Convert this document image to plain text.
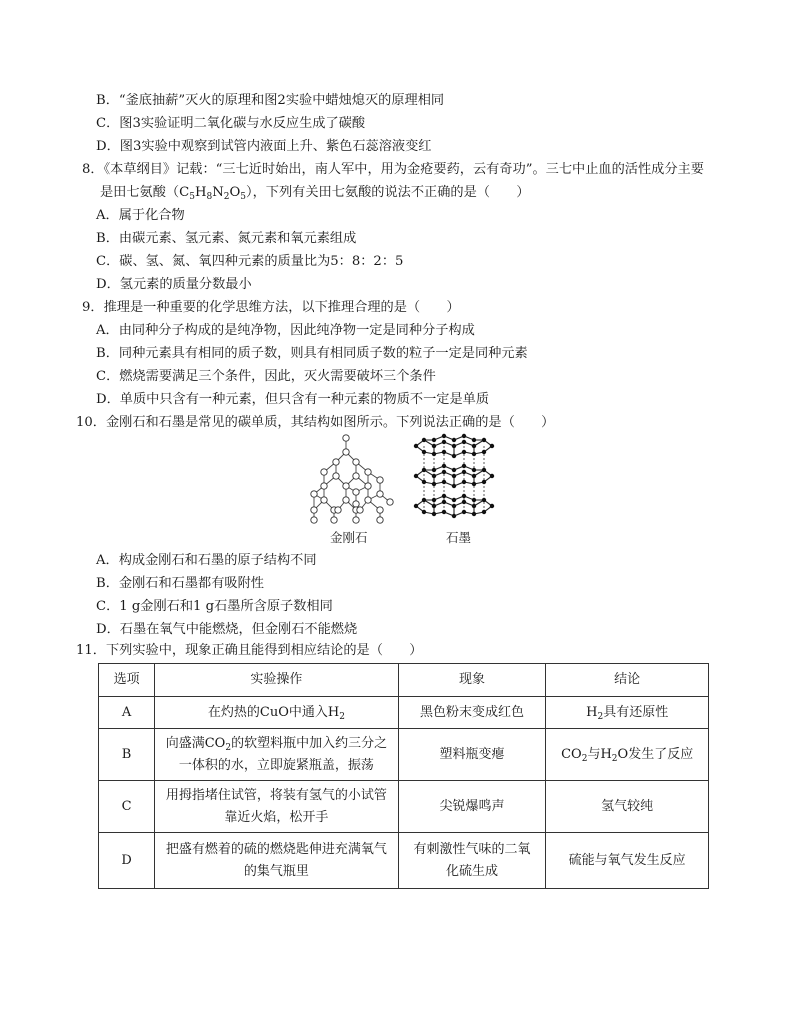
B．“釜底抽薪”灭火的原理和图2实验中蜡烛熄灭的原理相同
C．图3实验证明二氧化碳与水反应生成了碳酸
D．图3实验中观察到试管内液面上升、紫色石蕊溶液变红
8．《本草纲目》记载：“三七近时始出，南人军中，用为金疮要药，云有奇功”。三七中止血的活性成分主要
是田七氨酸$(C_5H_8N_2O_5)$，下列有关田七氨酸的说法不正确的是（　　）
A．属于化合物
B．由碳元素、氢元素、氮元素和氧元素组成
C．碳、氢、氮、氧四种元素的质量比为5：8：2：5
D．氢元素的质量分数最小
9．推理是一种重要的化学思维方法，以下推理合理的是（　　）
A．由同种分子构成的是纯净物，因此纯净物一定是同种分子构成
B．同种元素具有相同的质子数，则具有相同质子数的粒子一定是同种元素
C．燃烧需要满足三个条件，因此，灭火需要破坏三个条件
D．单质中只含有一种元素，但只含有一种元素的物质不一定是单质
10．金刚石和石墨是常见的碳单质，其结构如图所示。下列说法正确的是（　　）
金刚石	石墨
A．构成金刚石和石墨的原子结构不同
B．金刚石和石墨都有吸附性
C．1 g金刚石和1 g石墨所含原子数相同
D．石墨在氧气中能燃烧，但金刚石不能燃烧
11．下列实验中，现象正确且能得到相应结论的是（　　）
选项	实验操作	现象	结论
A	在灼热的CuO中通入$H_2$	黑色粉末变成红色	$H_2$具有还原性
B	向盛满$CO_2$的软塑料瓶中加入约三分之
一体积的水，立即旋紧瓶盖，振荡	塑料瓶变瘪	$CO_2$与$H_2O$发生了反应
C	用拇指堵住试管，将装有氢气的小试管
靠近火焰，松开手	尖锐爆鸣声	氢气较纯
D	把盛有燃着的硫的燃烧匙伸进充满氧气
的集气瓶里	有刺激性气味的二氧
化硫生成	硫能与氧气发生反应
